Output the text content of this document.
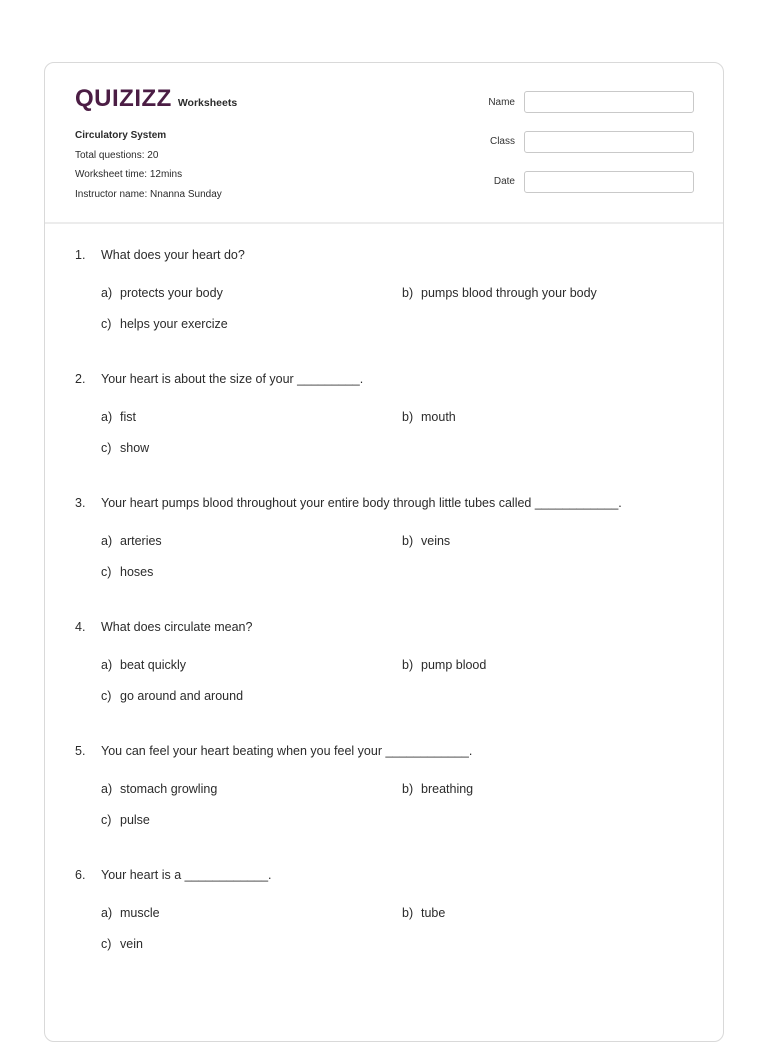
QUIZIZZ Worksheets
Circulatory System
Total questions: 20
Worksheet time: 12mins
Instructor name: Nnanna Sunday
Name
Class
Date
1. What does your heart do?
a) protects your body	b) pumps blood through your body
c) helps your exercize
2. Your heart is about the size of your _________.
a) fist	b) mouth
c) show
3. Your heart pumps blood throughout your entire body through little tubes called ____________.
a) arteries	b) veins
c) hoses
4. What does circulate mean?
a) beat quickly	b) pump blood
c) go around and around
5. You can feel your heart beating when you feel your ____________.
a) stomach growling	b) breathing
c) pulse
6. Your heart is a ____________.
a) muscle	b) tube
c) vein
